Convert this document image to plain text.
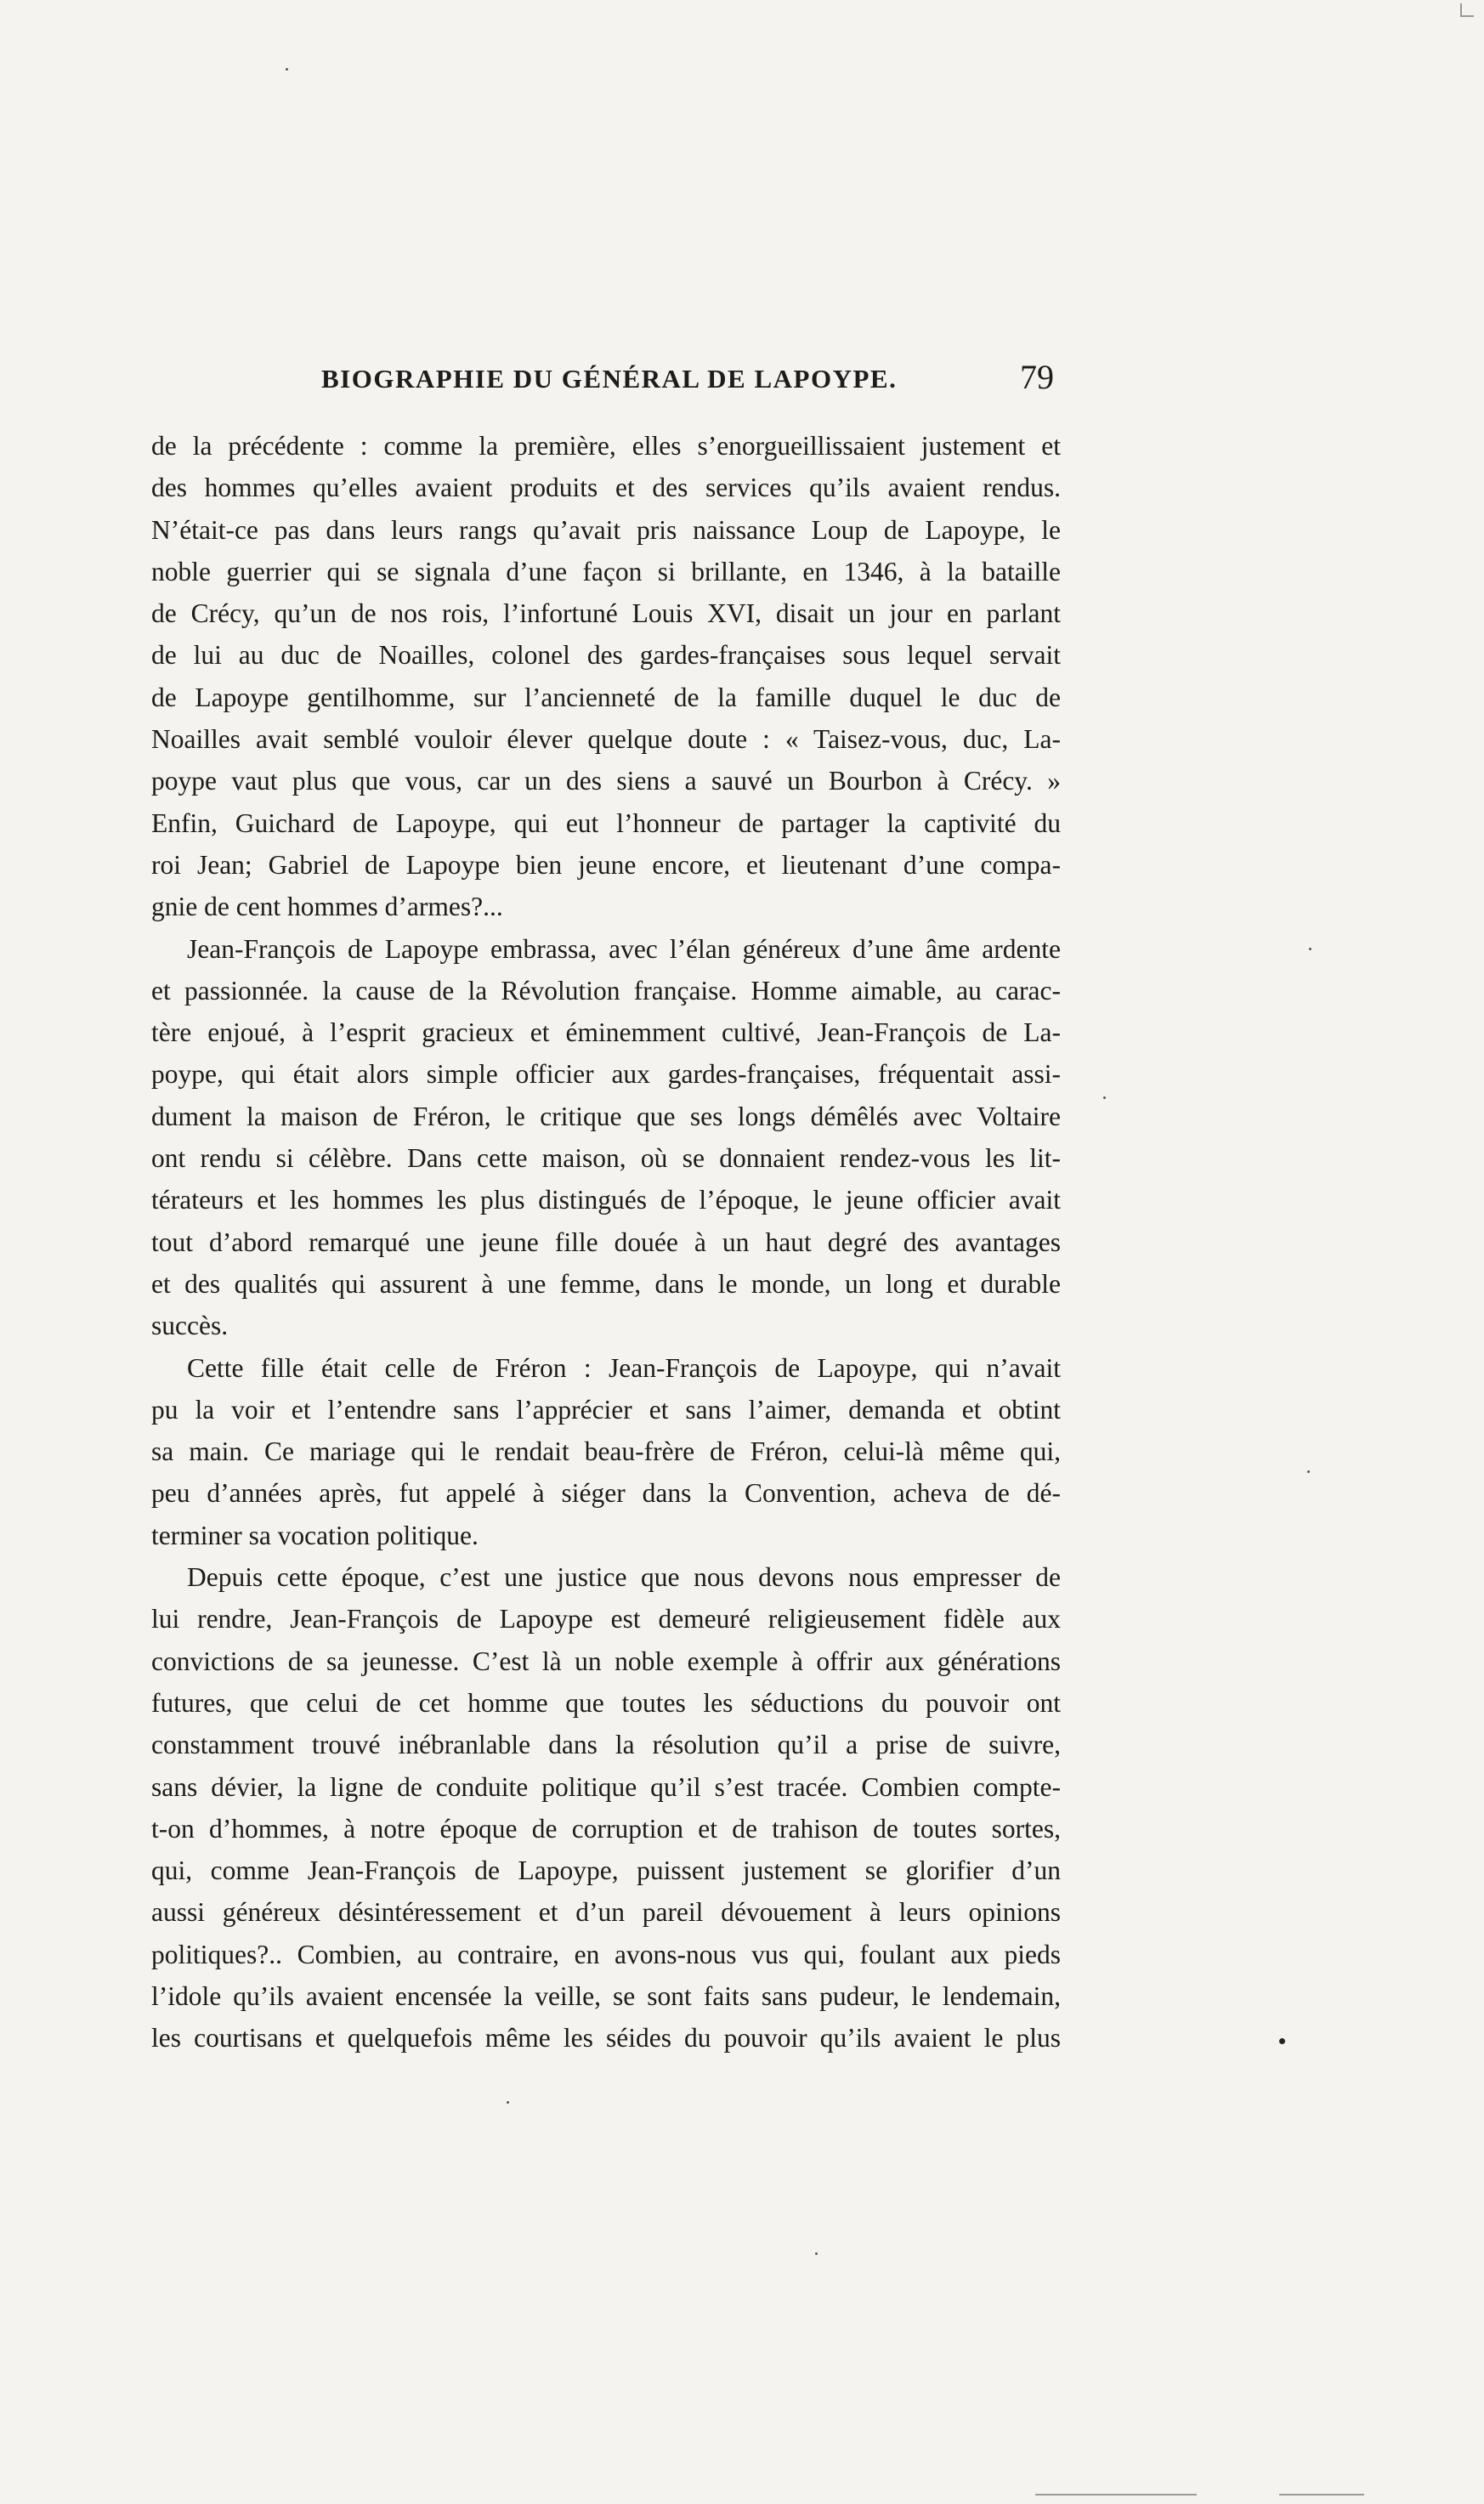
BIOGRAPHIE DU GÉNÉRAL DE LAPOYPE.	79
de la précédente : comme la première, elles s’enorgueillissaient justement et
des hommes qu’elles avaient produits et des services qu’ils avaient rendus.
N’était-ce pas dans leurs rangs qu’avait pris naissance Loup de Lapoype, le
noble guerrier qui se signala d’une façon si brillante, en 1346, à la bataille
de Crécy, qu’un de nos rois, l’infortuné Louis XVI, disait un jour en parlant
de lui au duc de Noailles, colonel des gardes-françaises sous lequel servait
de Lapoype gentilhomme, sur l’ancienneté de la famille duquel le duc de
Noailles avait semblé vouloir élever quelque doute : « Taisez-vous, duc, La-
poype vaut plus que vous, car un des siens a sauvé un Bourbon à Crécy. »
Enfin, Guichard de Lapoype, qui eut l’honneur de partager la captivité du
roi Jean; Gabriel de Lapoype bien jeune encore, et lieutenant d’une compa-
gnie de cent hommes d’armes?...
Jean-François de Lapoype embrassa, avec l’élan généreux d’une âme ardente
et passionnée. la cause de la Révolution française. Homme aimable, au carac-
tère enjoué, à l’esprit gracieux et éminemment cultivé, Jean-François de La-
poype, qui était alors simple officier aux gardes-françaises, fréquentait assi-
dument la maison de Fréron, le critique que ses longs démêlés avec Voltaire
ont rendu si célèbre. Dans cette maison, où se donnaient rendez-vous les lit-
térateurs et les hommes les plus distingués de l’époque, le jeune officier avait
tout d’abord remarqué une jeune fille douée à un haut degré des avantages
et des qualités qui assurent à une femme, dans le monde, un long et durable
succès.
Cette fille était celle de Fréron : Jean-François de Lapoype, qui n’avait
pu la voir et l’entendre sans l’apprécier et sans l’aimer, demanda et obtint
sa main. Ce mariage qui le rendait beau-frère de Fréron, celui-là même qui,
peu d’années après, fut appelé à siéger dans la Convention, acheva de dé-
terminer sa vocation politique.
Depuis cette époque, c’est une justice que nous devons nous empresser de
lui rendre, Jean-François de Lapoype est demeuré religieusement fidèle aux
convictions de sa jeunesse. C’est là un noble exemple à offrir aux générations
futures, que celui de cet homme que toutes les séductions du pouvoir ont
constamment trouvé inébranlable dans la résolution qu’il a prise de suivre,
sans dévier, la ligne de conduite politique qu’il s’est tracée. Combien compte-
t-on d’hommes, à notre époque de corruption et de trahison de toutes sortes,
qui, comme Jean-François de Lapoype, puissent justement se glorifier d’un
aussi généreux désintéressement et d’un pareil dévouement à leurs opinions
politiques?.. Combien, au contraire, en avons-nous vus qui, foulant aux pieds
l’idole qu’ils avaient encensée la veille, se sont faits sans pudeur, le lendemain,
les courtisans et quelquefois même les séides du pouvoir qu’ils avaient le plus
